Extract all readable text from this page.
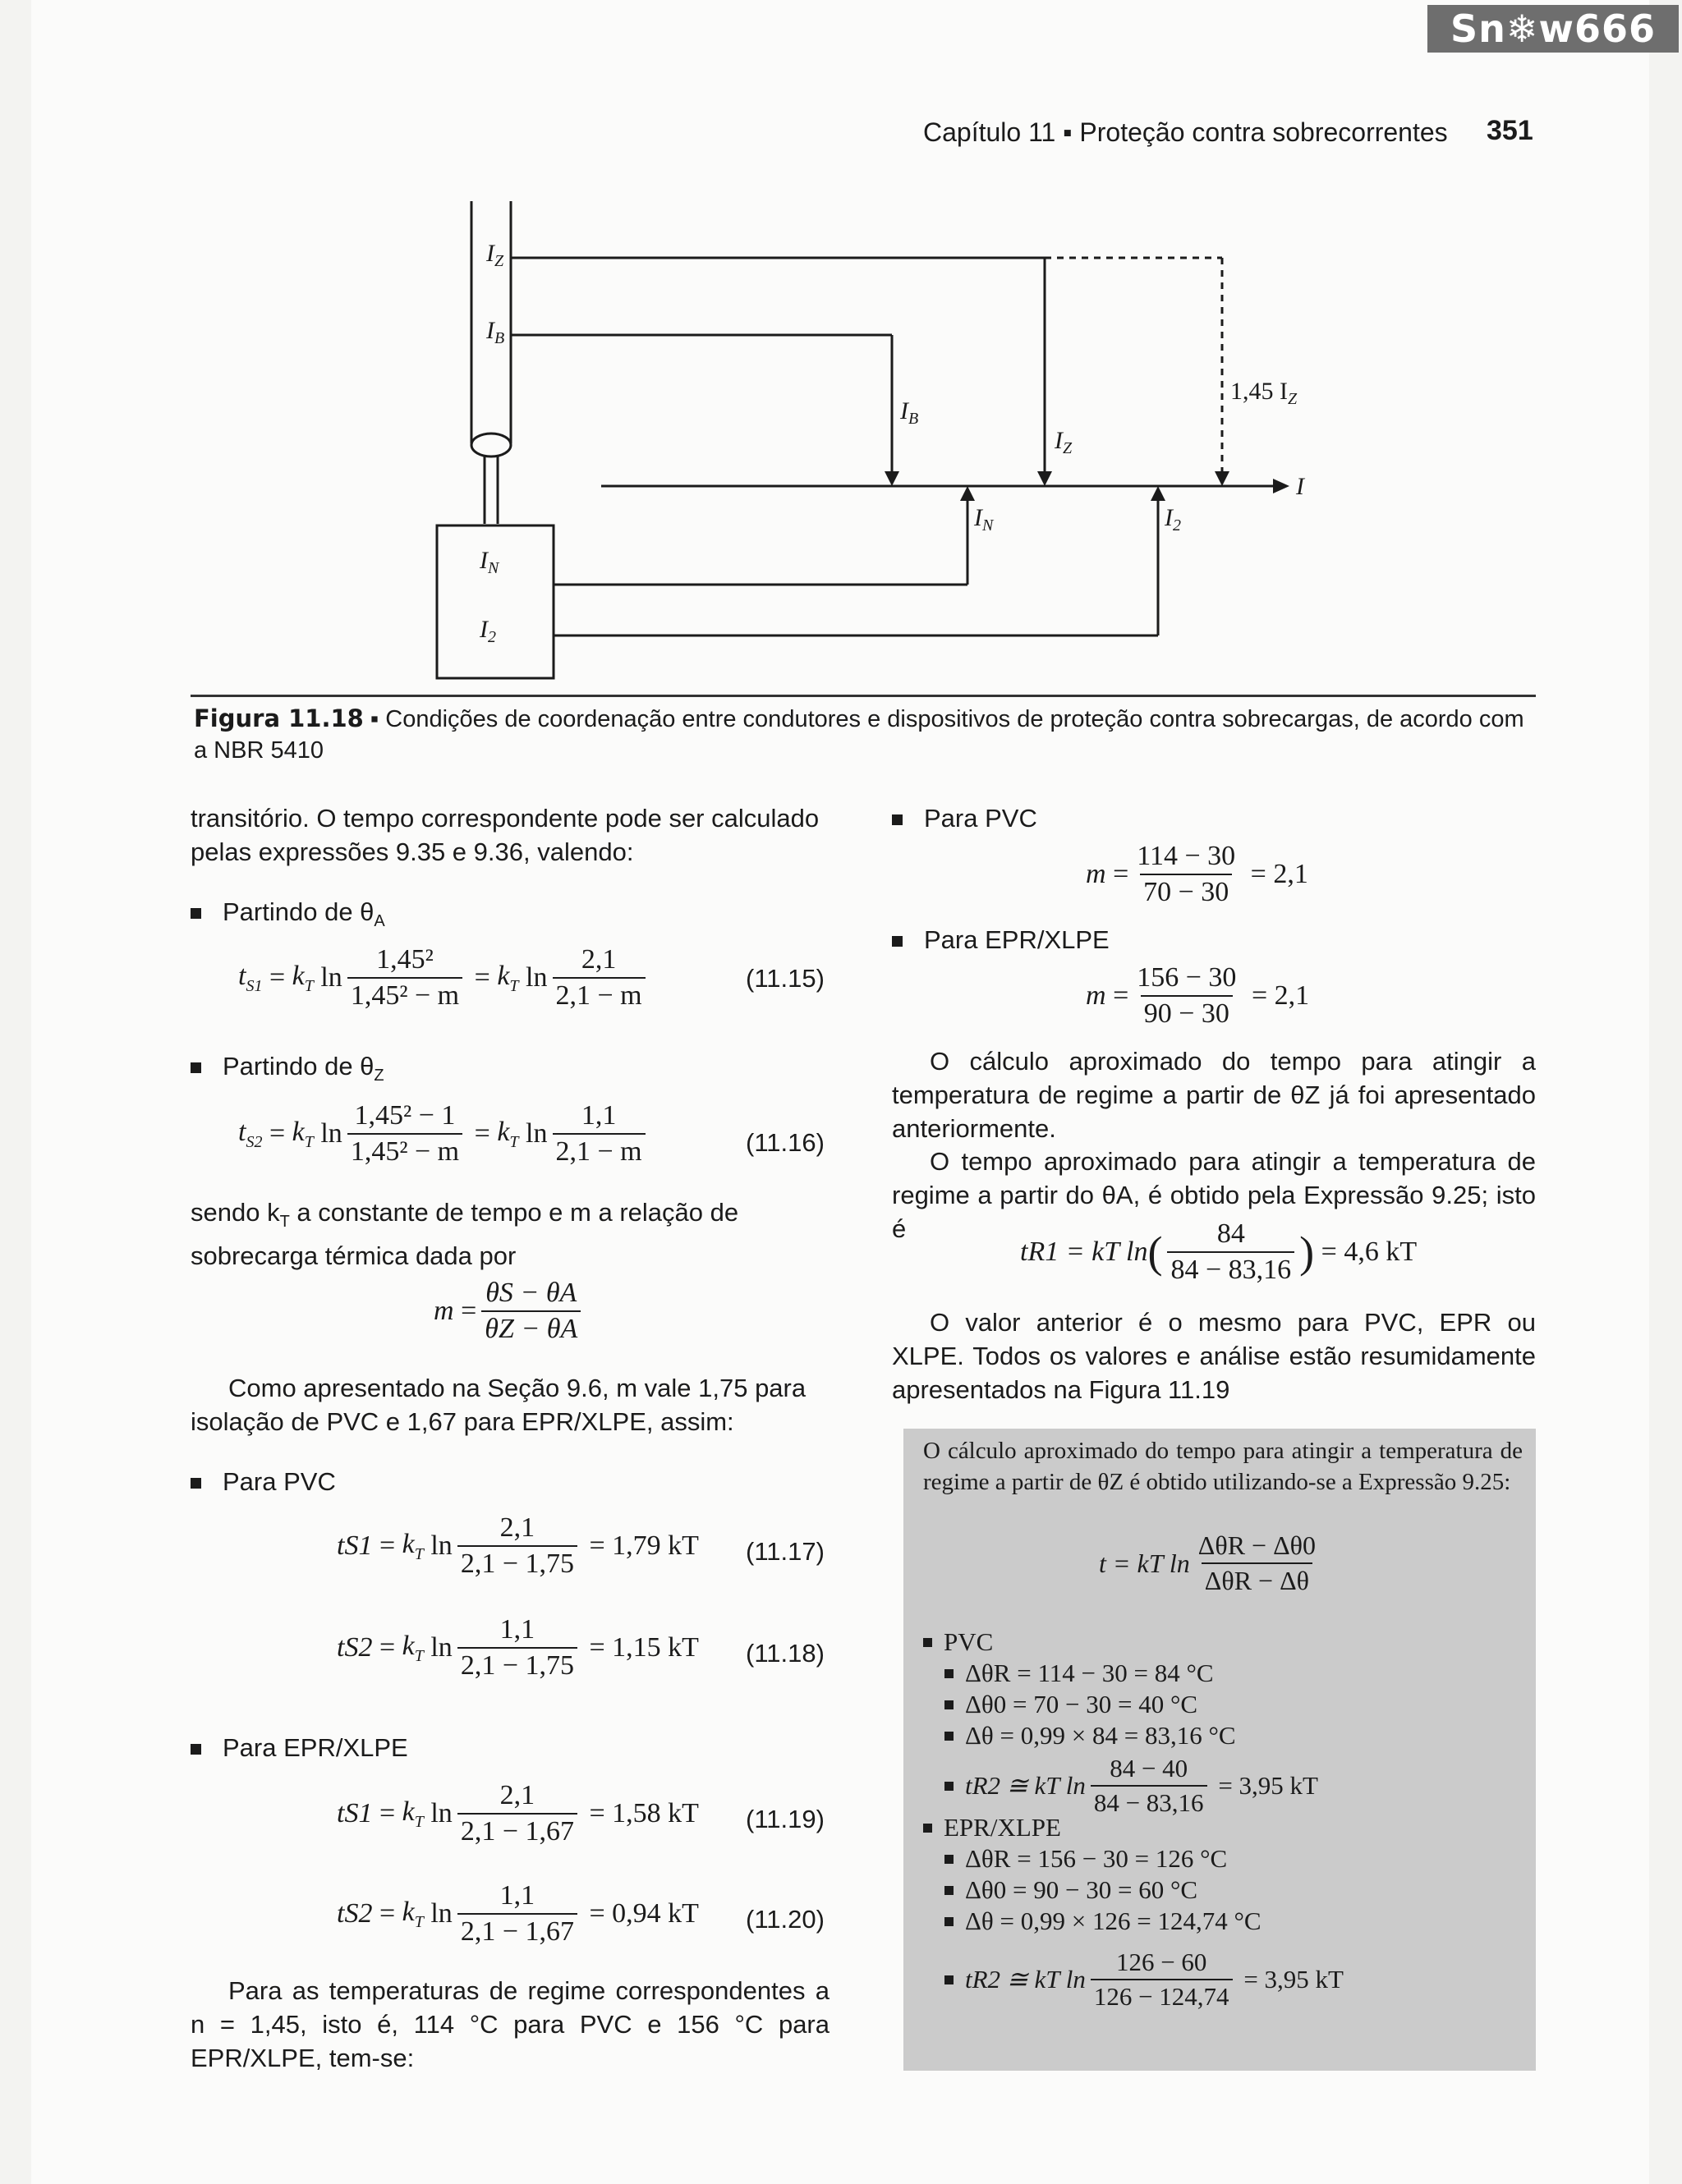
Sn❄w666
Capítulo 11 ▪ Proteção contra sobrecorrentes 351
$I_Z$
$I_B$
$I_B$
$I_Z$
1,45 $I_Z$
I
$I_N$	$I_2$
$I_N$
$I_2$
Figura 11.18 ▪ Condições de coordenação entre condutores e dispositivos de proteção contra sobrecargas, de acordo com a NBR 5410
transitório. O tempo correspondente pode ser calculado pelas expressões 9.35 e 9.36, valendo:
Partindo de $\theta_A$
$t_{S1} = k_T$ $\ln \frac{\text{1,45²}}{\text{1,45² − m}} = k_T$ $\ln \frac{2,1}{2,1 - m}$	(11.15)
Partindo de $\theta_Z$
$t_{S2} = k_T$ $\ln \frac{\text{1,45² − 1}}{\text{1,45² − m}} = k_T$ $\ln \frac{1,1}{2,1 - m}$	(11.16)
sendo $k_T$ a constante de tempo e m a relação de sobrecarga térmica dada por
$m = \frac{\theta S - \theta A}{\theta Z - \theta A}$
Como apresentado na Seção 9.6, m vale 1,75 para isolação de PVC e 1,67 para EPR/XLPE, assim:
Para PVC
$tS1 = k_T$ $\ln \frac{2,1}{2,1 - 1,75}$
= 1,79 kT (11.17)
$tS2 = k_T$ $\ln \frac{1,1}{2,1 - 1,75}$
= 1,15 kT (11.18)
Para EPR/XLPE
$tS1 = k_T$ $\ln \frac{2,1}{2,1 - 1,67}$
= 1,58 kT (11.19)
$tS2 = k_T$ $\ln \frac{1,1}{2,1 - 1,67}$
= 0,94 kT (11.20)
Para as temperaturas de regime correspondentes a n = 1,45, isto é, 114 °C para PVC e 156 °C para EPR/XLPE, tem-se:
Para PVC
$m = \frac{114 - 30}{70 - 30}$
= 2,1
Para EPR/XLPE
$m = \frac{156 - 30}{90 - 30}$
= 2,1
O cálculo aproximado do tempo para atingir a temperatura de regime a partir de θZ já foi apresentado anteriormente.
O tempo aproximado para atingir a temperatura de regime a partir do θA, é obtido pela Expressão 9.25; isto é
tR1 = kT ln ( $\frac{84}{84 - 83,16}$ )
= 4,6 kT
O valor anterior é o mesmo para PVC, EPR ou XLPE. Todos os valores e análise estão resumidamente apresentados na Figura 11.19
O cálculo aproximado do tempo para atingir a temperatura de regime a partir de θZ é obtido utilizando-se a Expressão 9.25:
t = kT $\ln \frac{\text{ΔθR − Δθ0}}{\text{ΔθR − Δθ}}$
PVC
ΔθR = 114 − 30 = 84 °C
Δθ0 = 70 − 30 = 40 °C
Δθ = 0,99 × 84 = 83,16 °C
tR2 ≅ kT $\ln \frac{84 - 40}{84 - 83,16}$
= 3,95 kT
EPR/XLPE
ΔθR = 156 − 30 = 126 °C
Δθ0 = 90 − 30 = 60 °C
Δθ = 0,99 × 126 = 124,74 °C
tR2 ≅ kT $\ln \frac{126 - 60}{126 - 124,74}$
= 3,95 kT
